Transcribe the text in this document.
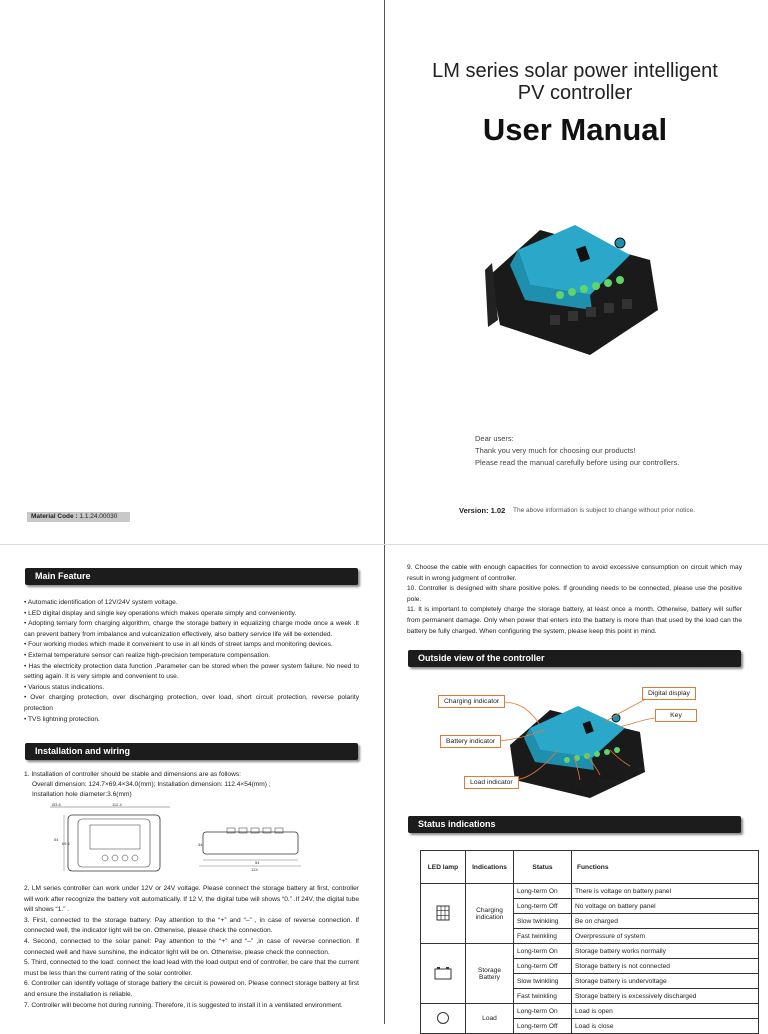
LM series solar power intelligent
PV controller
User Manual
Dear users:
Thank you very much for choosing our products!
Please read the manual carefully before using our controllers.
Version: 1.02 The above information is subject to change without prior notice.
Material Code : 1.1.24.00030
Main Feature

• Automatic identification of 12V/24V system voltage.

• LED digital display and single key operations which makes operate simply and conveniently.

• Adopting ternary form charging algorithm, charge the storage battery in equalizing charge mode once a week .It can prevent battery from imbalance and vulcanization effectively, also battery service life will be extended.

• Four working modes which made it convenient to use in all kinds of street lamps and monitoring devices.

• External temperature sensor can realize high-precision temperature compensation.

• Has the electricity protection data function .Parameter can be stored when the power system failure. No need to setting again. It is very simple and convenient to use.

• Various status indications.

• Over charging protection, over discharging protection, over load, short circuit protection, reverse polarity protection

• TVS lightning protection.

Installation and wiring

1. Installation of controller should be stable and dimensions are as follows:

Overall dimension: 124.7×69.4×34.0(mm); Installation dimension: 112.4×54(mm) ;

Installation hole diameter:3.6(mm)

Ø3.6	112.4
54
69.4	34
54
124

2. LM series controller can work under 12V or 24V voltage. Please connect the storage battery at first, controller will work after recognize the battery volt automatically. If 12 V, the digital tube will shows “0.” .If 24V, the digital tube will shows “1.” .

3. First, connected to the storage battery: Pay attention to the “+” and “–” , in case of reverse connection. If connected well, the indicator light will be on. Otherwise, please check the connection.

4. Second, connected to the solar panel: Pay attention to the “+” and “–” ,in case of reverse connection. If connected well and have sunshine, the indicator light will be on. Otherwise, please check the connection.

5. Third, connected to the load: connect the load lead with the load output end of controller, be care that the current must be less than the current rating of the solar controller.

6. Controller can identify voltage of storage battery the circuit is powered on. Please connect storage battery at first and ensure the installation is reliable.

7. Controller will become hot during running. Therefore, it is suggested to install it in a ventilated environment.

9. Choose the cable with enough capacities for connection to avoid excessive consumption on circuit which may result in wrong judgment of controller.

10. Controller is designed with share positive poles. If grounding needs to be connected, please use the positive pole.

11. It is important to completely charge the storage battery, at least once a month. Otherwise, battery will suffer from permanent damage. Only when power that enters into the battery is more than that used by the load can the battery be fully charged. When configuring the system, please keep this point in mind.

Outside view of the controller
Charging indicator
Battery indicator
Load indicator
Digital display
Key
Load
Battery
PV
Status indications
LED lamp	Indications	Status	Functions
	Charging indication	Long-term On	There is voltage on battery panel
		Long-term Off	No voltage on battery panel
		Slow twinkling	Be on charged
		Fast twinkling	Overpressure of system
	Storage Battery	Long-term On	Storage battery works normally
		Long-term Off	Storage battery is not connected
		Slow twinkling	Storage battery is undervoltage
		Fast twinkling	Storage battery is excessively discharged
	Load	Long-term On	Load is open
		Long-term Off	Load is close
